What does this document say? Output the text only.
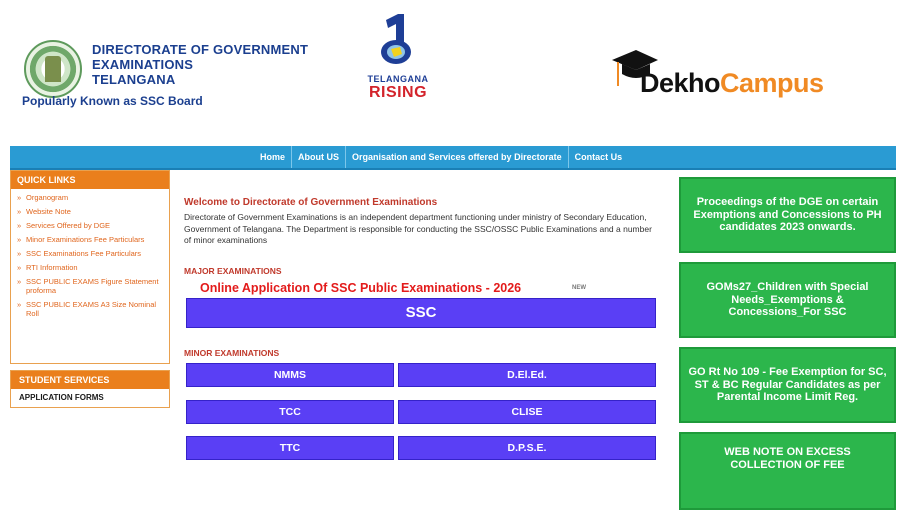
DIRECTORATE OF GOVERNMENT
EXAMINATIONS
TELANGANA
Popularly Known as SSC Board
TELANGANA
RISING	DekhoCampus
Home	About US	Organisation and Services offered by Directorate	Contact Us
QUICK LINKS
» Organogram
» Website Note
» Services Offered by DGE
» Minor Examinations Fee Particulars
» SSC Examinations Fee Particulars
» RTI Information
» SSC PUBLIC EXAMS Figure Statement proforma
» SSC PUBLIC EXAMS A3 Size Nominal Roll
STUDENT SERVICES
APPLICATION FORMS
Welcome to Directorate of Government Examinations
Directorate of Government Examinations is an independent department functioning under ministry of Secondary Education, Government of Telangana. The Department is responsible for conducting the SSC/OSSC Public Examinations and a number of minor examinations
MAJOR EXAMINATIONS
Online Application Of SSC Public Examinations - 2026	NEW
SSC
MINOR EXAMINATIONS
NMMS	D.El.Ed.
TCC	CLISE
TTC	D.P.S.E.
Proceedings of the DGE on certain Exemptions and Concessions to PH candidates 2023 onwards.
GOMs27_Children with Special Needs_Exemptions & Concessions_For SSC
GO Rt No 109 - Fee Exemption for SC, ST & BC Regular Candidates as per Parental Income Limit Reg.
WEB NOTE ON EXCESS COLLECTION OF FEE
